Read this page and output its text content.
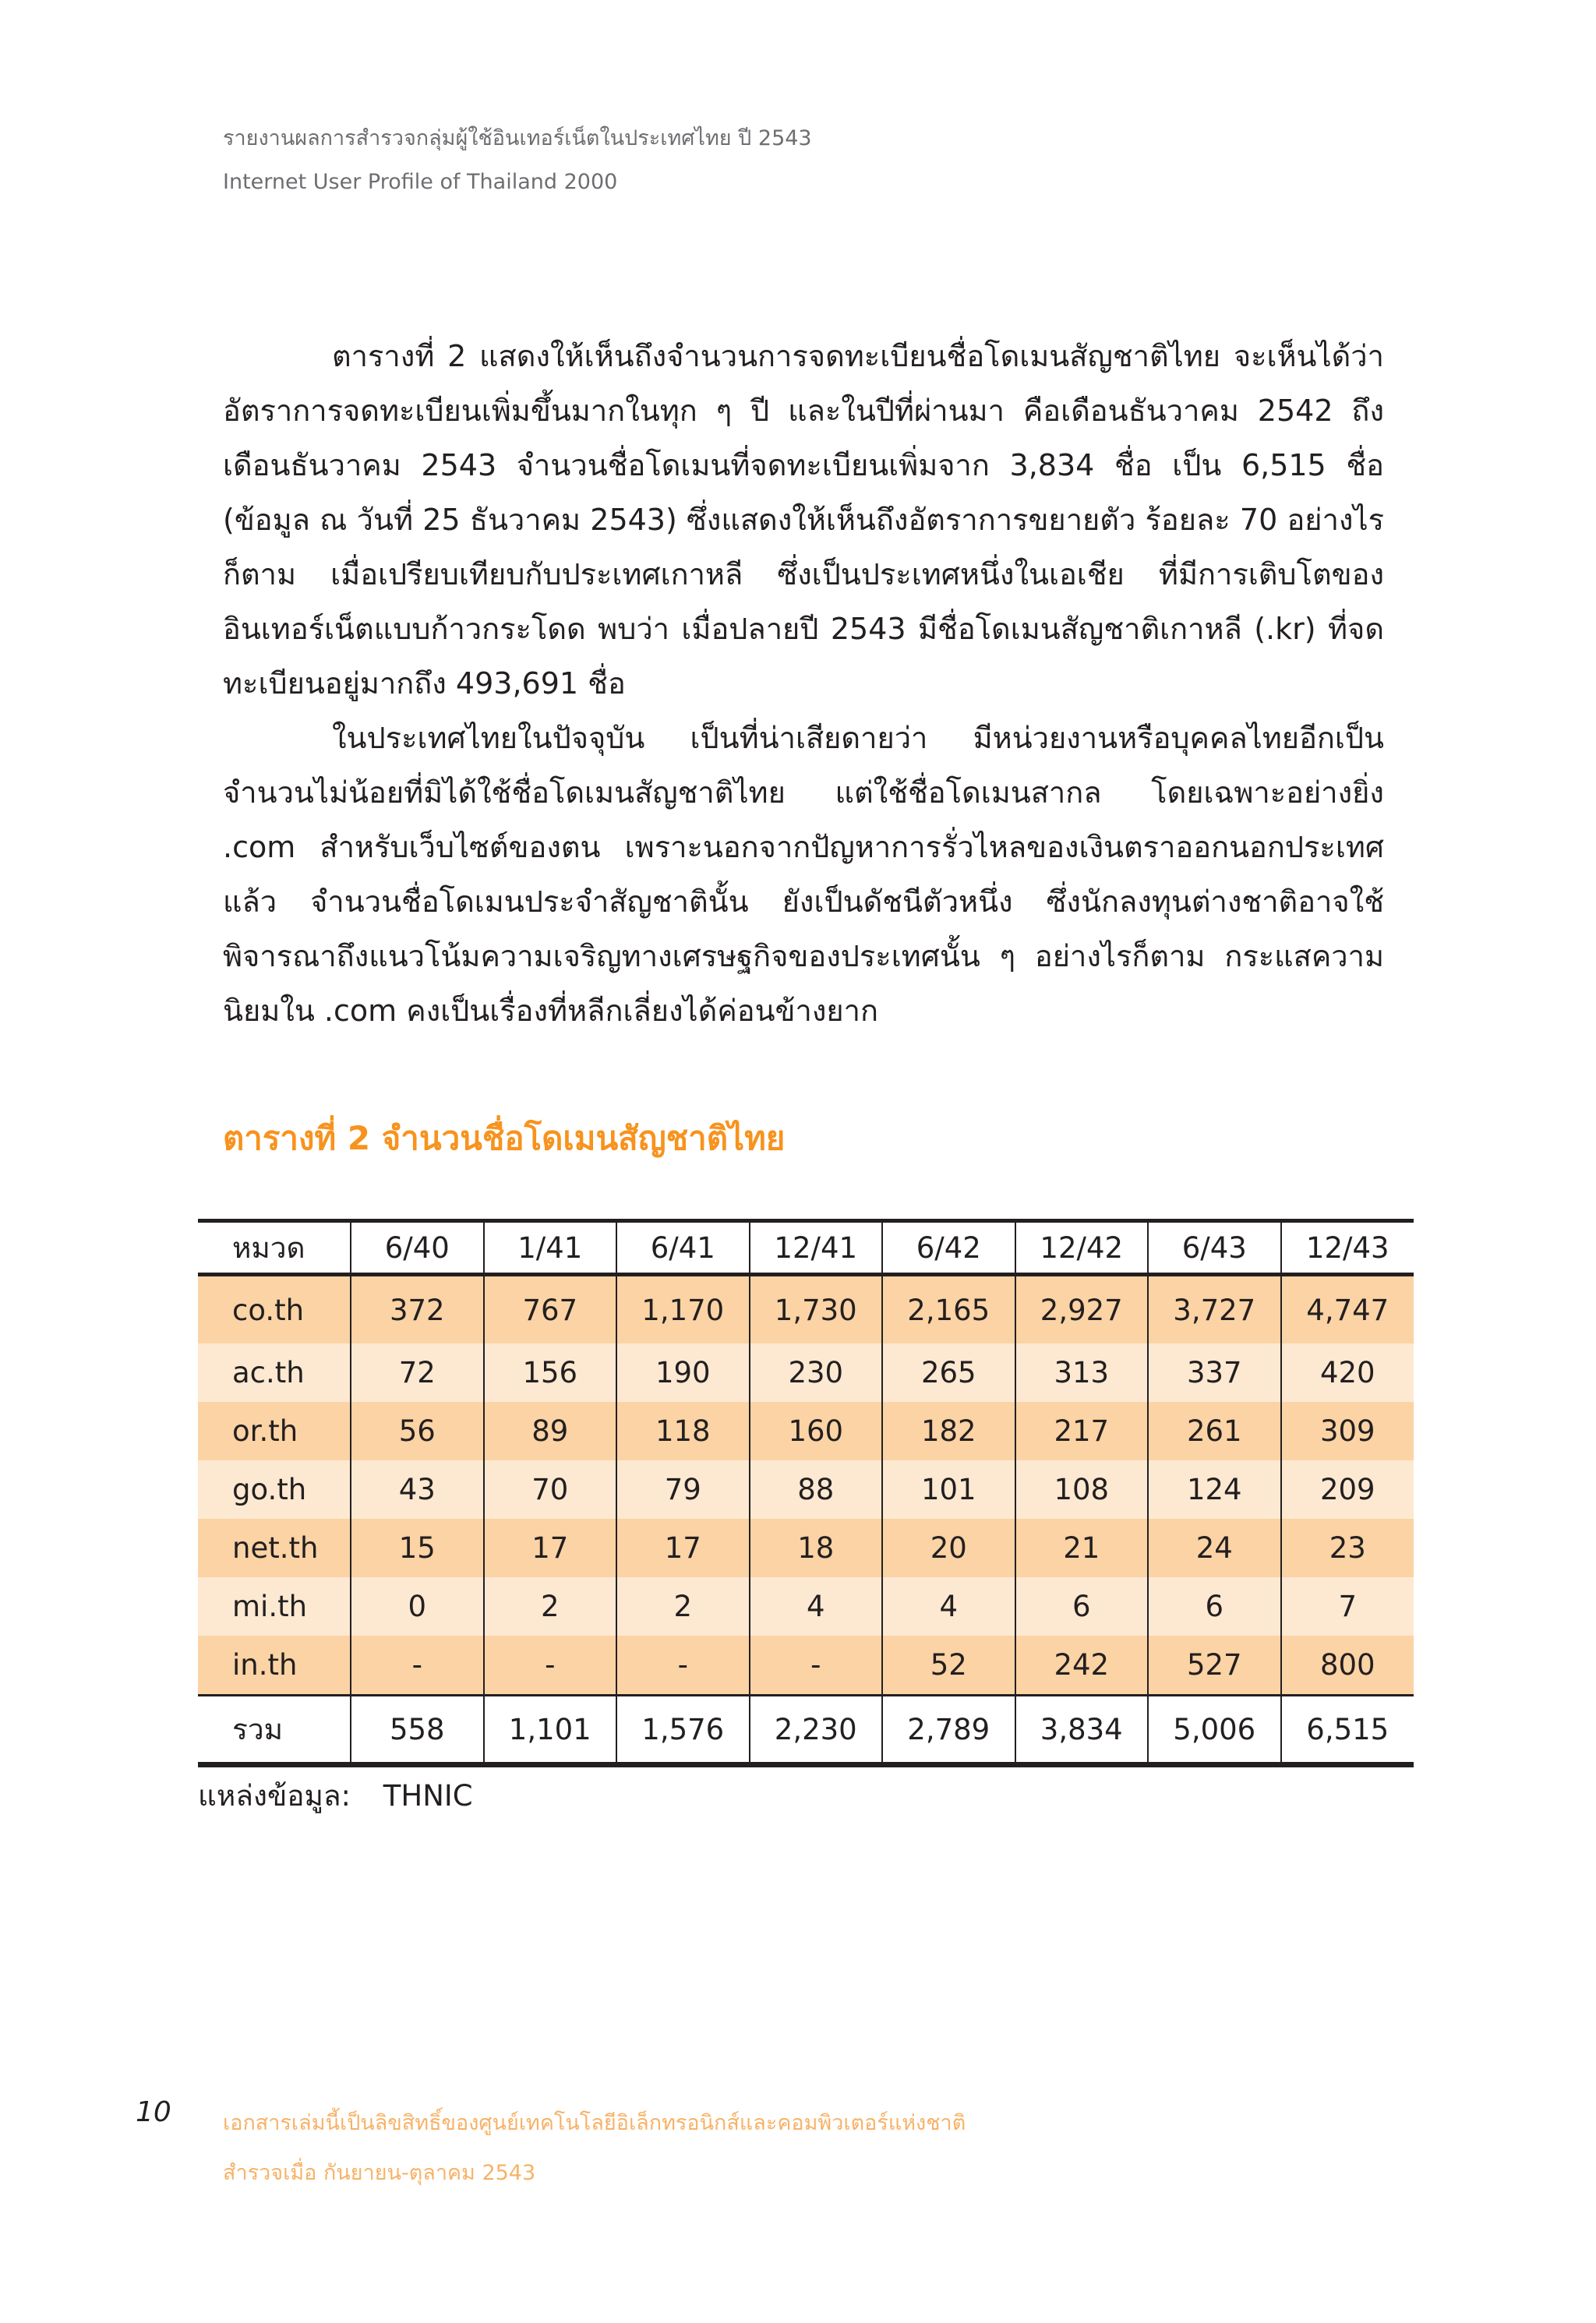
รายงานผลการสำรวจกลุ่มผู้ใช้อินเทอร์เน็ตในประเทศไทย ปี 2543
Internet User Profile of Thailand 2000

ตารางที่ 2 แสดงให้เห็นถึงจำนวนการจดทะเบียนชื่อโดเมนสัญชาติไทย จะเห็นได้ว่าอัตราการจดทะเบียนเพิ่มขึ้นมากในทุก ๆ ปี และในปีที่ผ่านมา คือเดือนธันวาคม 2542 ถึงเดือนธันวาคม 2543 จำนวนชื่อโดเมนที่จดทะเบียนเพิ่มจาก 3,834 ชื่อ เป็น 6,515 ชื่อ (ข้อมูล ณ วันที่ 25 ธันวาคม 2543) ซึ่งแสดงให้เห็นถึงอัตราการขยายตัว ร้อยละ 70 อย่างไรก็ตาม เมื่อเปรียบเทียบกับประเทศเกาหลี ซึ่งเป็นประเทศหนึ่งในเอเชีย ที่มีการเติบโตของอินเทอร์เน็ตแบบก้าวกระโดด พบว่า เมื่อปลายปี 2543 มีชื่อโดเมนสัญชาติเกาหลี (.kr) ที่จดทะเบียนอยู่มากถึง 493,691 ชื่อ

ในประเทศไทยในปัจจุบัน เป็นที่น่าเสียดายว่า มีหน่วยงานหรือบุคคลไทยอีกเป็นจำนวนไม่น้อยที่มิได้ใช้ชื่อโดเมนสัญชาติไทย แต่ใช้ชื่อโดเมนสากล โดยเฉพาะอย่างยิ่ง .com สำหรับเว็บไซต์ของตน เพราะนอกจากปัญหาการรั่วไหลของเงินตราออกนอกประเทศแล้ว จำนวนชื่อโดเมนประจำสัญชาตินั้น ยังเป็นดัชนีตัวหนึ่ง ซึ่งนักลงทุนต่างชาติอาจใช้พิจารณาถึงแนวโน้มความเจริญทางเศรษฐกิจของประเทศนั้น ๆ อย่างไรก็ตาม กระแสความนิยมใน .com คงเป็นเรื่องที่หลีกเลี่ยงได้ค่อนข้างยาก

ตารางที่ 2 จำนวนชื่อโดเมนสัญชาติไทย
หมวด	6/40	1/41	6/41	12/41	6/42	12/42	6/43	12/43
co.th	372	767	1,170	1,730	2,165	2,927	3,727	4,747
ac.th	72	156	190	230	265	313	337	420
or.th	56	89	118	160	182	217	261	309
go.th	43	70	79	88	101	108	124	209
net.th	15	17	17	18	20	21	24	23
mi.th	0	2	2	4	4	6	6	7
in.th	-	-	-	-	52	242	527	800
รวม	558	1,101	1,576	2,230	2,789	3,834	5,006	6,515
แหล่งข้อมูล: THNIC
10 เอกสารเล่มนี้เป็นลิขสิทธิ์ของศูนย์เทคโนโลยีอิเล็กทรอนิกส์และคอมพิวเตอร์แห่งชาติ
สำรวจเมื่อ กันยายน-ตุลาคม 2543
